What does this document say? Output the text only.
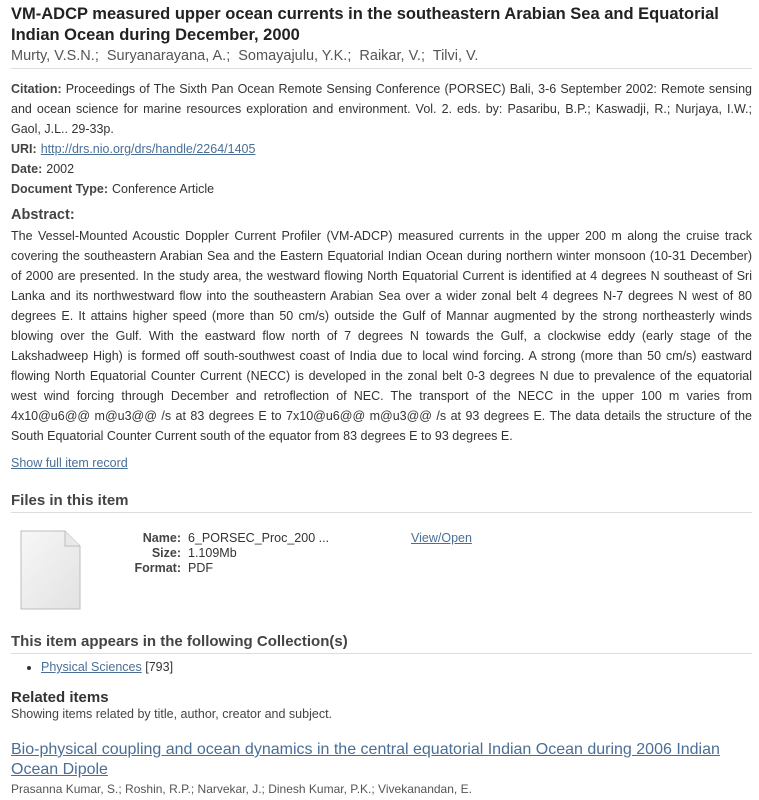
VM-ADCP measured upper ocean currents in the southeastern Arabian Sea and Equatorial Indian Ocean during December, 2000
Murty, V.S.N.; Suryanarayana, A.; Somayajulu, Y.K.; Raikar, V.; Tilvi, V.
Citation: Proceedings of The Sixth Pan Ocean Remote Sensing Conference (PORSEC) Bali, 3-6 September 2002: Remote sensing and ocean science for marine resources exploration and environment. Vol. 2. eds. by: Pasaribu, B.P.; Kaswadji, R.; Nurjaya, I.W.; Gaol, J.L.. 29-33p.
URI: http://drs.nio.org/drs/handle/2264/1405
Date: 2002
Document Type: Conference Article
Abstract:
The Vessel-Mounted Acoustic Doppler Current Profiler (VM-ADCP) measured currents in the upper 200 m along the cruise track covering the southeastern Arabian Sea and the Eastern Equatorial Indian Ocean during northern winter monsoon (10-31 December) of 2000 are presented. In the study area, the westward flowing North Equatorial Current is identified at 4 degrees N southeast of Sri Lanka and its northwestward flow into the southeastern Arabian Sea over a wider zonal belt 4 degrees N-7 degrees N west of 80 degrees E. It attains higher speed (more than 50 cm/s) outside the Gulf of Mannar augmented by the strong northeasterly winds blowing over the Gulf. With the eastward flow north of 7 degrees N towards the Gulf, a clockwise eddy (early stage of the Lakshadweep High) is formed off south-southwest coast of India due to local wind forcing. A strong (more than 50 cm/s) eastward flowing North Equatorial Counter Current (NECC) is developed in the zonal belt 0-3 degrees N due to prevalence of the equatorial west wind forcing through December and retroflection of NEC. The transport of the NECC in the upper 100 m varies from 4x10@u6@@ m@u3@@ /s at 83 degrees E to 7x10@u6@@ m@u3@@ /s at 93 degrees E. The data details the structure of the South Equatorial Counter Current south of the equator from 83 degrees E to 93 degrees E.
Show full item record
Files in this item
Name: 6_PORSEC_Proc_200 ...
Size: 1.109Mb
Format: PDF
View/Open
This item appears in the following Collection(s)
• Physical Sciences [793]
Related items
Showing items related by title, author, creator and subject.
Bio-physical coupling and ocean dynamics in the central equatorial Indian Ocean during 2006 Indian Ocean Dipole
Prasanna Kumar, S.; Roshin, R.P.; Narvekar, J.; Dinesh Kumar, P.K.; Vivekanandan, E.
